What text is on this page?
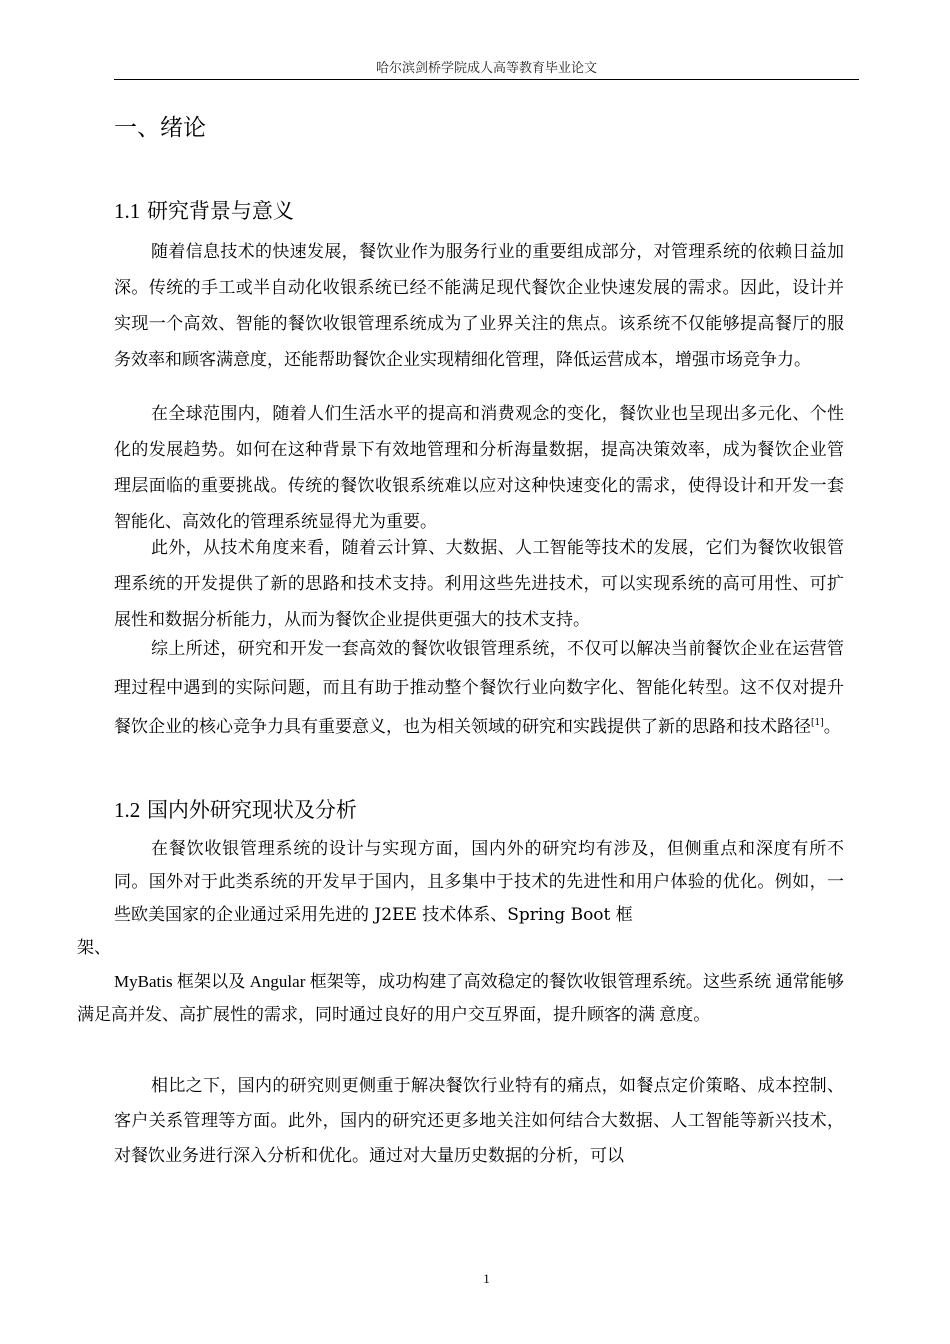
哈尔滨剑桥学院成人高等教育毕业论文
一、绪论
1.1 研究背景与意义

随着信息技术的快速发展，餐饮业作为服务行业的重要组成部分，对管理系统的依赖日益加深。传统的手工或半自动化收银系统已经不能满足现代餐饮企业快速发展的需求。因此，设计并实现一个高效、智能的餐饮收银管理系统成为了业界关注的焦点。该系统不仅能够提高餐厅的服务效率和顾客满意度，还能帮助餐饮企业实现精细化管理，降低运营成本，增强市场竞争力。

在全球范围内，随着人们生活水平的提高和消费观念的变化，餐饮业也呈现出多元化、个性化的发展趋势。如何在这种背景下有效地管理和分析海量数据，提高决策效率，成为餐饮企业管理层面临的重要挑战。传统的餐饮收银系统难以应对这种快速变化的需求，使得设计和开发一套智能化、高效化的管理系统显得尤为重要。

此外，从技术角度来看，随着云计算、大数据、人工智能等技术的发展，它们为餐饮收银管理系统的开发提供了新的思路和技术支持。利用这些先进技术，可以实现系统的高可用性、可扩展性和数据分析能力，从而为餐饮企业提供更强大的技术支持。

综上所述，研究和开发一套高效的餐饮收银管理系统，不仅可以解决当前餐饮企业在运营管理过程中遇到的实际问题，而且有助于推动整个餐饮行业向数字化、智能化转型。这不仅对提升餐饮企业的核心竞争力具有重要意义，也为相关领域的研究和实践提供了新的思路和技术路径[1]。

1.2 国内外研究现状及分析

在餐饮收银管理系统的设计与实现方面，国内外的研究均有涉及，但侧重点和深度有所不同。国外对于此类系统的开发早于国内，且多集中于技术的先进性和用户体验的优化。例如，一些欧美国家的企业通过采用先进的 J2EE 技术体系、Spring Boot 框
架、
MyBatis 框架以及 Angular 框架等，成功构建了高效稳定的餐饮收银管理系统。这些系统 通常能够满足高并发、高扩展性的需求，同时通过良好的用户交互界面，提升顾客的满 意度。

相比之下，国内的研究则更侧重于解决餐饮行业特有的痛点，如餐点定价策略、成本控制、客户关系管理等方面。此外，国内的研究还更多地关注如何结合大数据、人工智能等新兴技术，对餐饮业务进行深入分析和优化。通过对大量历史数据的分析，可以

1
